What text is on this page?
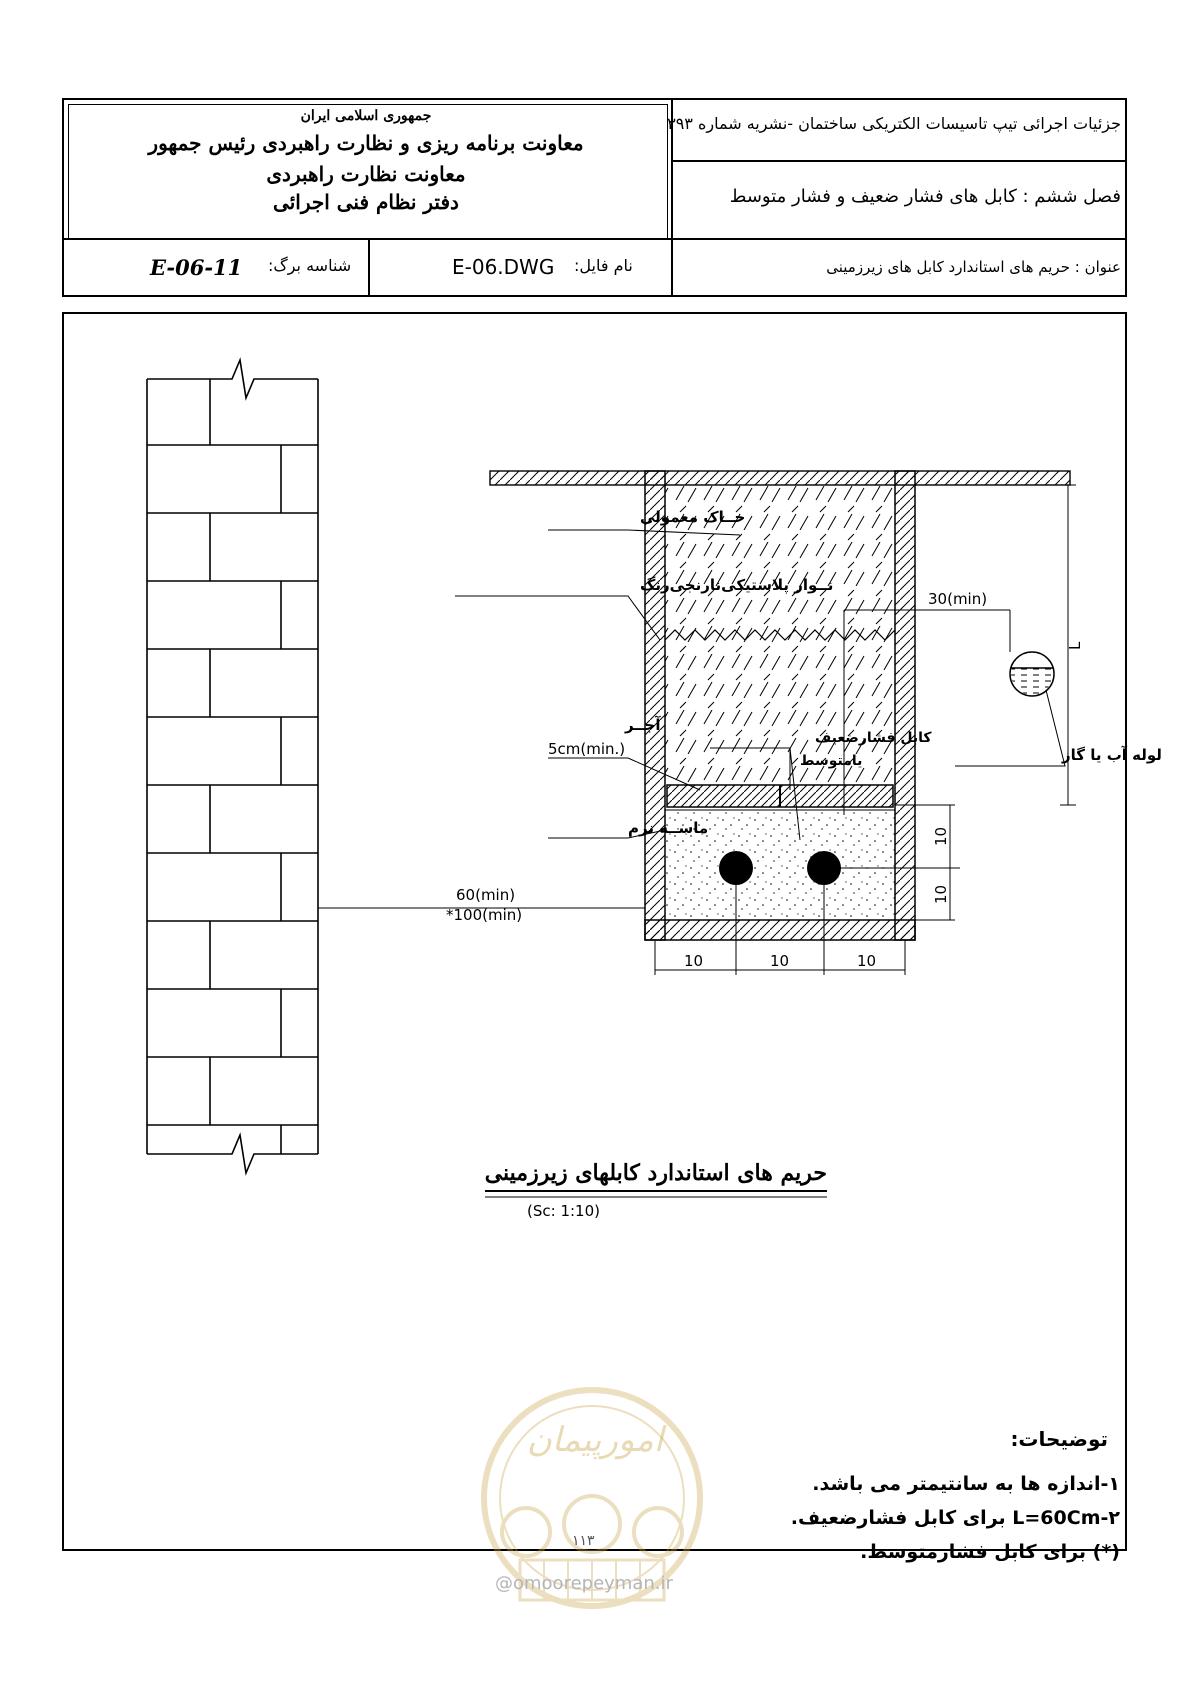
جمهوری اسلامی ایران
معاونت برنامه ریزی و نظارت راهبردی رئیس جمهور
معاونت نظارت راهبردی
دفتر نظام فنی اجرائی
جزئیات اجرائی تیپ تاسیسات الکتریکی ساختمان -نشریه شماره ۳۹۳
فصل ششم : کابل های فشار ضعیف و فشار متوسط
عنوان : حریم های استاندارد کابل های زیرزمینی
E-06.DWG نام فایل:
E-06-11 شناسه برگ:
خــاک معمولی
نــوار پلاستیکی‌نارنجی‌رنگ
آجــر
5cm(min.)
کابل فشارضعیف
یامتوسط
ماســه نرم
لوله آب یا گاز
30(min)
L
60(min)
*100(min)
10	10	10
10
10
امورپیمان
حریم های استاندارد کابلهای زیرزمینی
(Sc: 1:10)
توضیحات:
۱-اندازه ها به سانتیمتر می باشد.
۲-L=60Cm برای کابل فشارضعیف.
(*) برای کابل فشارمتوسط.
۱۱۳
@omoorepeyman.ir
